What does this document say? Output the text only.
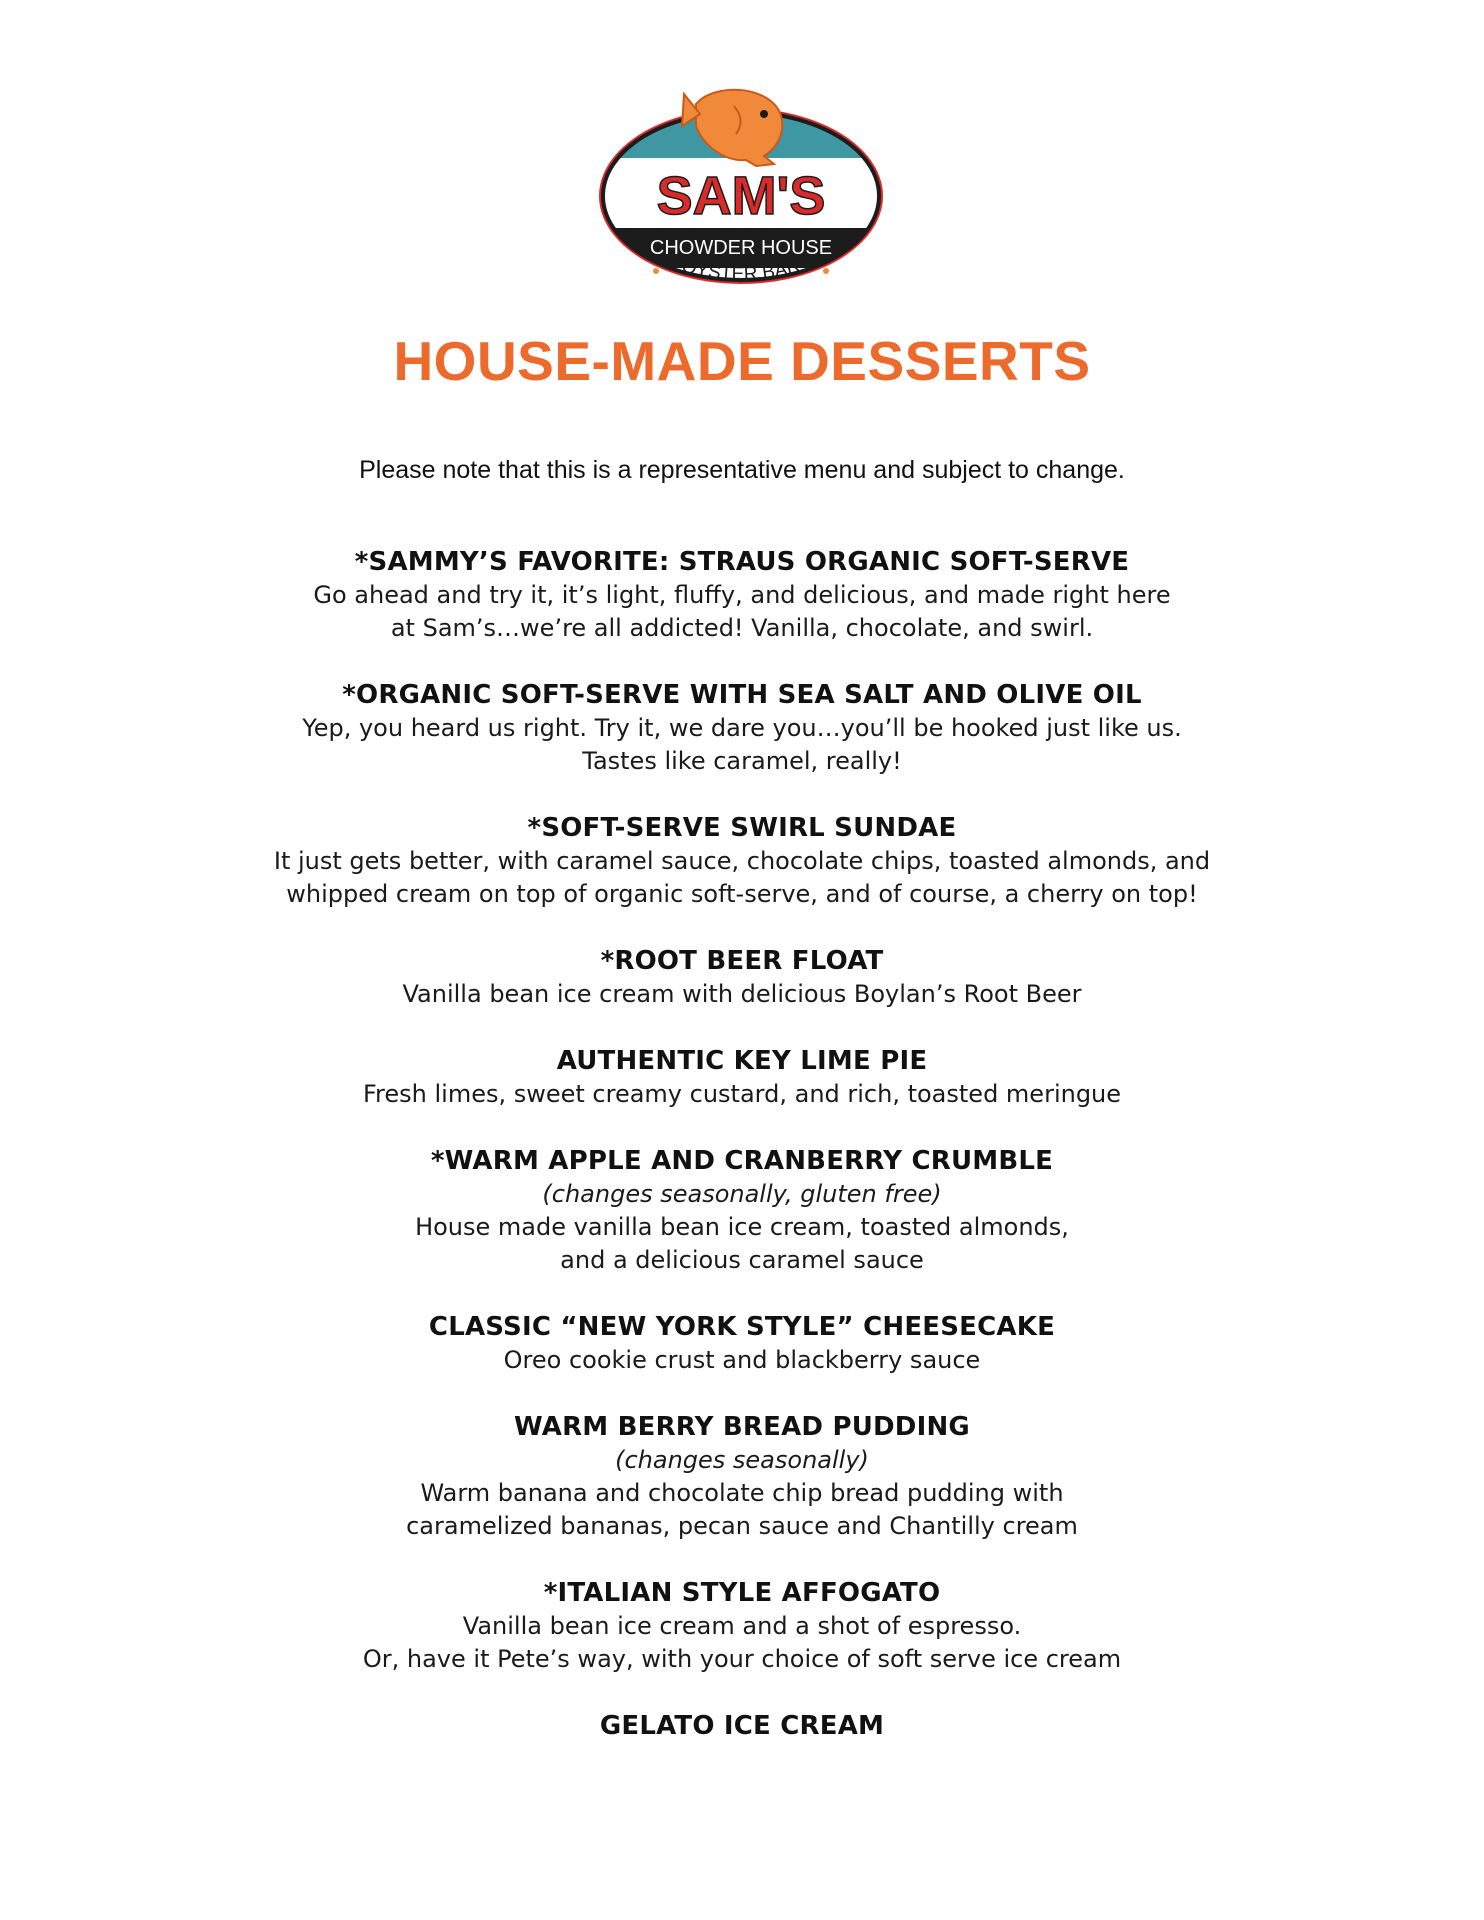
SAM'S
CHOWDER HOUSE
OYSTER BAR
HOUSE-MADE DESSERTS
Please note that this is a representative menu and subject to change.
*SAMMY’S FAVORITE: STRAUS ORGANIC SOFT-SERVE
Go ahead and try it, it’s light, fluffy, and delicious, and made right here
at Sam’s…we’re all addicted! Vanilla, chocolate, and swirl.
*ORGANIC SOFT-SERVE WITH SEA SALT AND OLIVE OIL
Yep, you heard us right. Try it, we dare you…you’ll be hooked just like us.
Tastes like caramel, really!
*SOFT-SERVE SWIRL SUNDAE
It just gets better, with caramel sauce, chocolate chips, toasted almonds, and
whipped cream on top of organic soft-serve, and of course, a cherry on top!
*ROOT BEER FLOAT
Vanilla bean ice cream with delicious Boylan’s Root Beer
AUTHENTIC KEY LIME PIE
Fresh limes, sweet creamy custard, and rich, toasted meringue
*WARM APPLE AND CRANBERRY CRUMBLE
(changes seasonally, gluten free)
House made vanilla bean ice cream, toasted almonds,
and a delicious caramel sauce
CLASSIC “NEW YORK STYLE” CHEESECAKE
Oreo cookie crust and blackberry sauce
WARM BERRY BREAD PUDDING
(changes seasonally)
Warm banana and chocolate chip bread pudding with
caramelized bananas, pecan sauce and Chantilly cream
*ITALIAN STYLE AFFOGATO
Vanilla bean ice cream and a shot of espresso.
Or, have it Pete’s way, with your choice of soft serve ice cream
GELATO ICE CREAM
